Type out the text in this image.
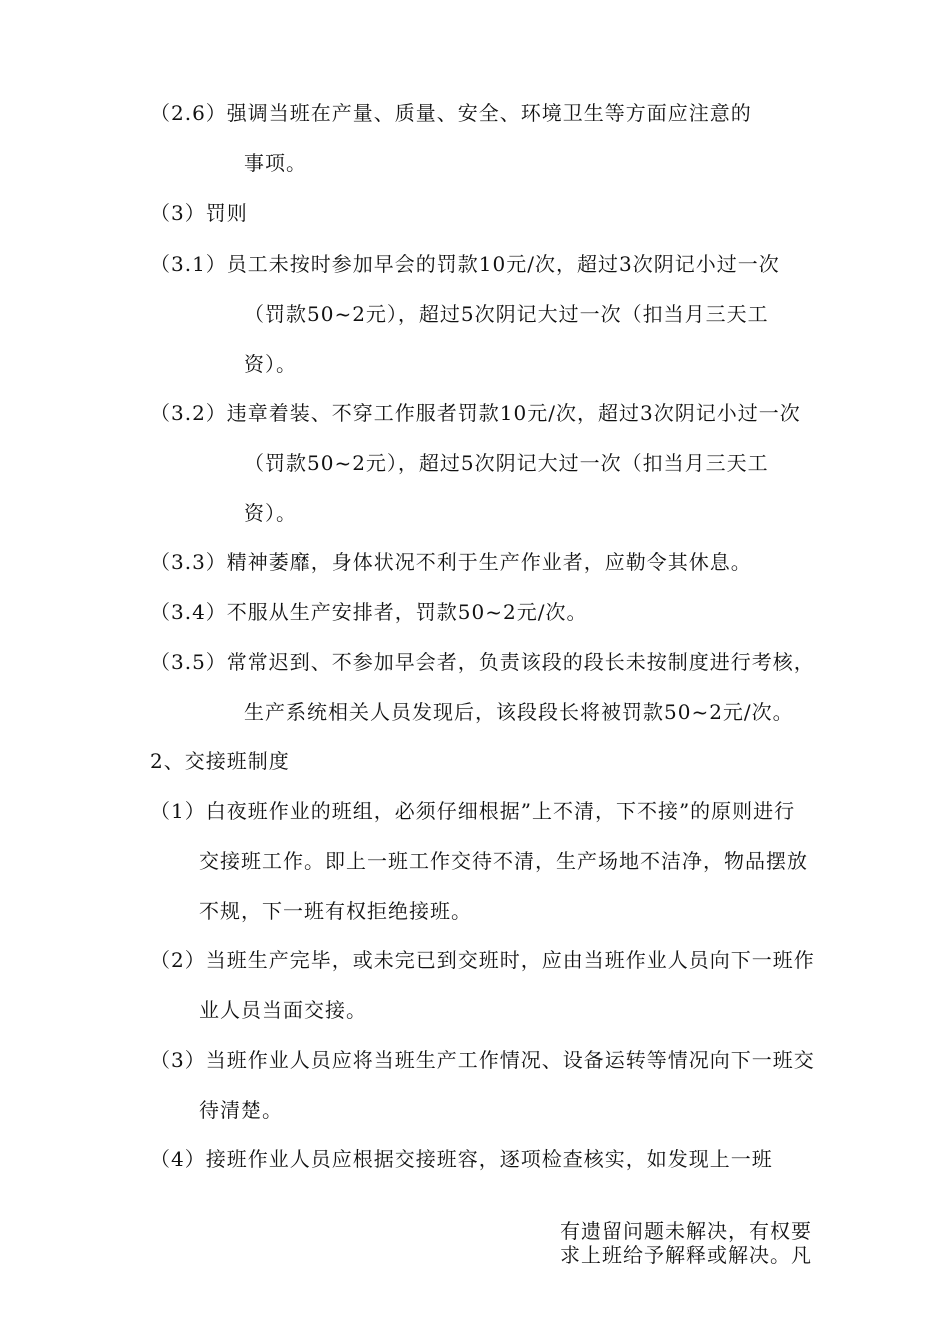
（2.6）强调当班在产量、质量、安全、环境卫生等方面应注意的
事项。
（3）罚则
（3.1）员工未按时参加早会的罚款10元/次，超过3次阴记小过一次
（罚款50~2元），超过5次阴记大过一次（扣当月三天工
资）。
（3.2）违章着装、不穿工作服者罚款10元/次，超过3次阴记小过一次
（罚款50~2元），超过5次阴记大过一次（扣当月三天工
资）。
（3.3）精神萎靡，身体状况不利于生产作业者，应勒令其休息。
（3.4）不服从生产安排者，罚款50~2元/次。
（3.5）常常迟到、不参加早会者，负责该段的段长未按制度进行考核，
生产系统相关人员发现后，该段段长将被罚款50~2元/次。
2、交接班制度
（1）白夜班作业的班组，必须仔细根据”上不清，下不接”的原则进行
交接班工作。即上一班工作交待不清，生产场地不洁净，物品摆放
不规，下一班有权拒绝接班。
（2）当班生产完毕，或未完已到交班时，应由当班作业人员向下一班作
业人员当面交接。
（3）当班作业人员应将当班生产工作情况、设备运转等情况向下一班交
待清楚。
（4）接班作业人员应根据交接班容，逐项检查核实，如发现上一班
有遗留问题未解决，有权要
求上班给予解释或解决。凡
